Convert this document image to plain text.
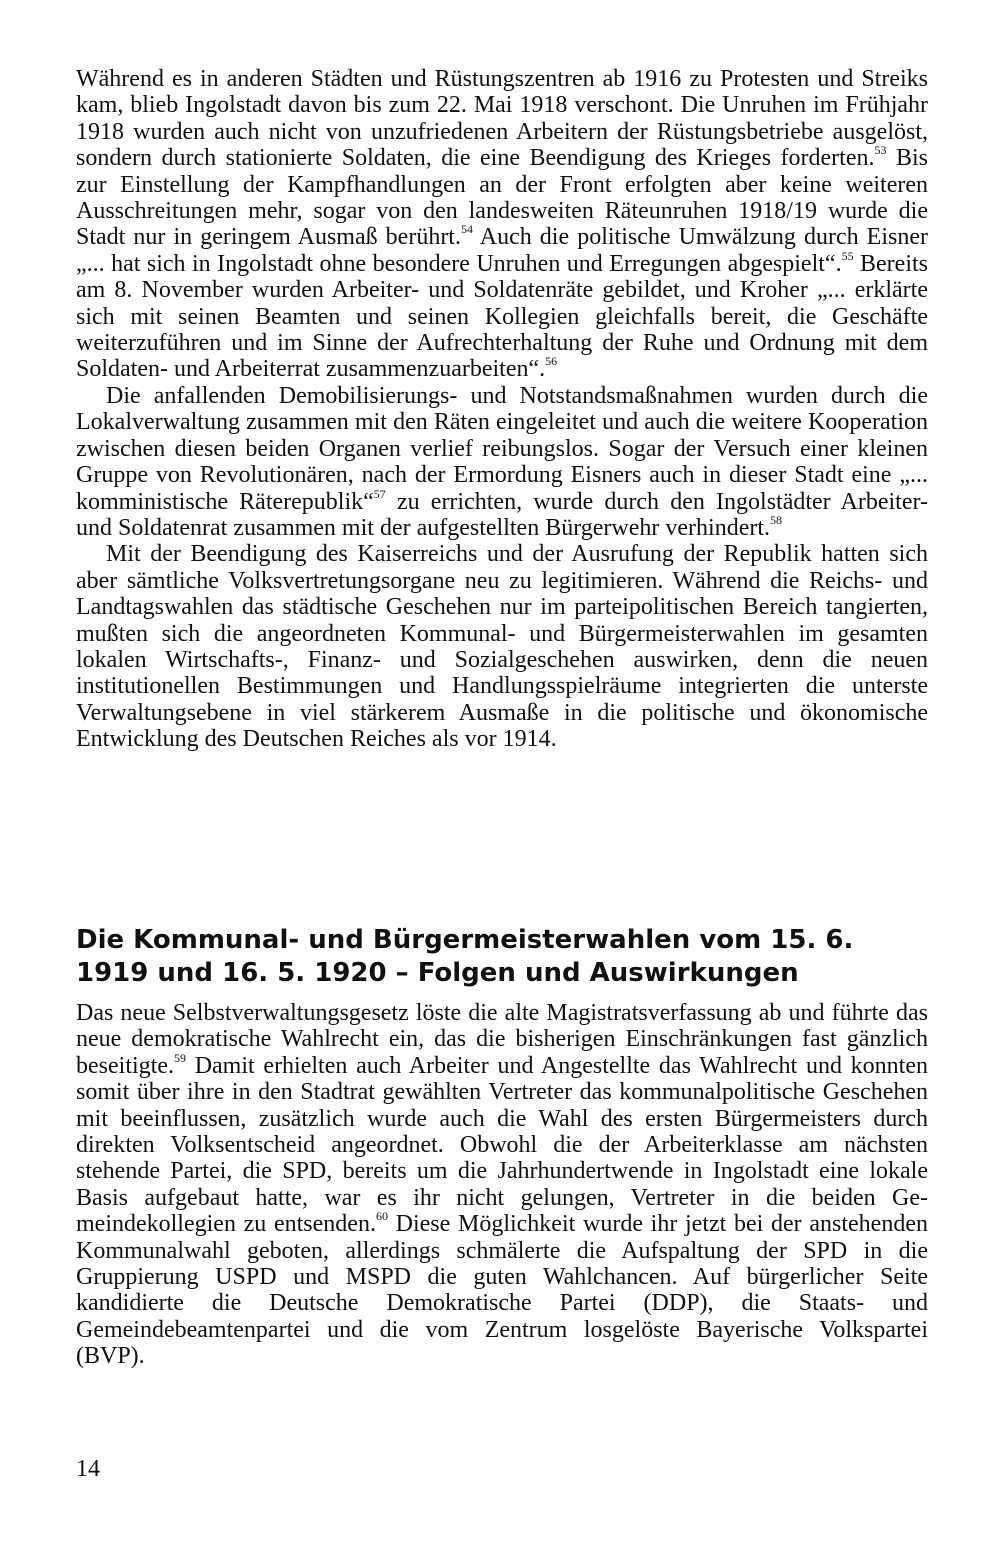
Während es in anderen Städten und Rüstungszentren ab 1916 zu Protesten und Streiks kam, blieb Ingolstadt davon bis zum 22. Mai 1918 verschont. Die Unruhen im Frühjahr 1918 wurden auch nicht von unzufriedenen Arbeitern der Rüstungsbetriebe ausgelöst, sondern durch stationierte Soldaten, die eine Beendigung des Krieges forderten.$^{53}$ Bis zur Einstellung der Kampfhandlungen an der Front erfolgten aber keine weiteren Ausschreitungen mehr, sogar von den landesweiten Räteunruhen 1918/19 wurde die Stadt nur in geringem Ausmaß berührt.$^{54}$ Auch die politische Umwälzung durch Eisner „... hat sich in Ingolstadt ohne besondere Unruhen und Erregungen abgespielt“.$^{55}$ Bereits am 8. November wurden Arbeiter- und Soldatenräte gebildet, und Kroher „... erklärte sich mit seinen Beamten und seinen Kollegien gleichfalls bereit, die Geschäfte weiterzuführen und im Sinne der Aufrechterhaltung der Ruhe und Ordnung mit dem Soldaten- und Arbeiterrat zusammenzuarbeiten“.$^{56}$

Die anfallenden Demobilisierungs- und Notstandsmaßnahmen wurden durch die Lokalverwaltung zusammen mit den Räten eingeleitet und auch die weitere Kooperation zwischen diesen beiden Organen verlief reibungslos. Sogar der Versuch einer kleinen Gruppe von Revolutionären, nach der Ermordung Eisners auch in dieser Stadt eine „... komministische Räterepublik“$^{57}$ zu errichten, wurde durch den Ingolstädter Arbeiter- und Soldatenrat zusammen mit der aufgestellten Bürgerwehr verhindert.$^{58}$

Mit der Beendigung des Kaiserreichs und der Ausrufung der Republik hatten sich aber sämtliche Volksvertretungsorgane neu zu legitimieren. Während die Reichs- und Landtagswahlen das städtische Geschehen nur im parteipolitischen Bereich tangierten, mußten sich die angeordneten Kommunal- und Bürgermeisterwahlen im gesamten lokalen Wirtschafts-, Finanz- und Sozialgeschehen auswirken, denn die neuen institutionellen Bestimmungen und Handlungsspielräume integrierten die unterste Verwaltungsebene in viel stärkerem Ausmaße in die politische und ökonomische Entwicklung des Deutschen Reiches als vor 1914.

Die Kommunal- und Bürgermeisterwahlen vom 15. 6. 1919 und 16. 5. 1920 – Folgen und Auswirkungen

Das neue Selbstverwaltungsgesetz löste die alte Magistratsverfassung ab und führte das neue demokratische Wahlrecht ein, das die bisherigen Einschränkungen fast gänzlich beseitigte.$^{59}$ Damit erhielten auch Arbeiter und Angestellte das Wahlrecht und konnten somit über ihre in den Stadtrat gewählten Vertreter das kommunalpolitische Geschehen mit beeinflussen, zusätzlich wurde auch die Wahl des ersten Bürgermeisters durch direkten Volksentscheid angeordnet. Obwohl die der Arbeiterklasse am nächsten stehende Partei, die SPD, bereits um die Jahrhundertwende in Ingolstadt eine lokale Basis aufgebaut hatte, war es ihr nicht gelungen, Vertreter in die beiden Gemeindekollegien zu entsenden.$^{60}$ Diese Möglichkeit wurde ihr jetzt bei der anstehenden Kommunalwahl geboten, allerdings schmälerte die Aufspaltung der SPD in die Gruppierung USPD und MSPD die guten Wahlchancen. Auf bürgerlicher Seite kandidierte die Deutsche Demokratische Partei (DDP), die Staats- und Gemeindebeamtenpartei und die vom Zentrum losgelöste Bayerische Volkspartei (BVP).

14
